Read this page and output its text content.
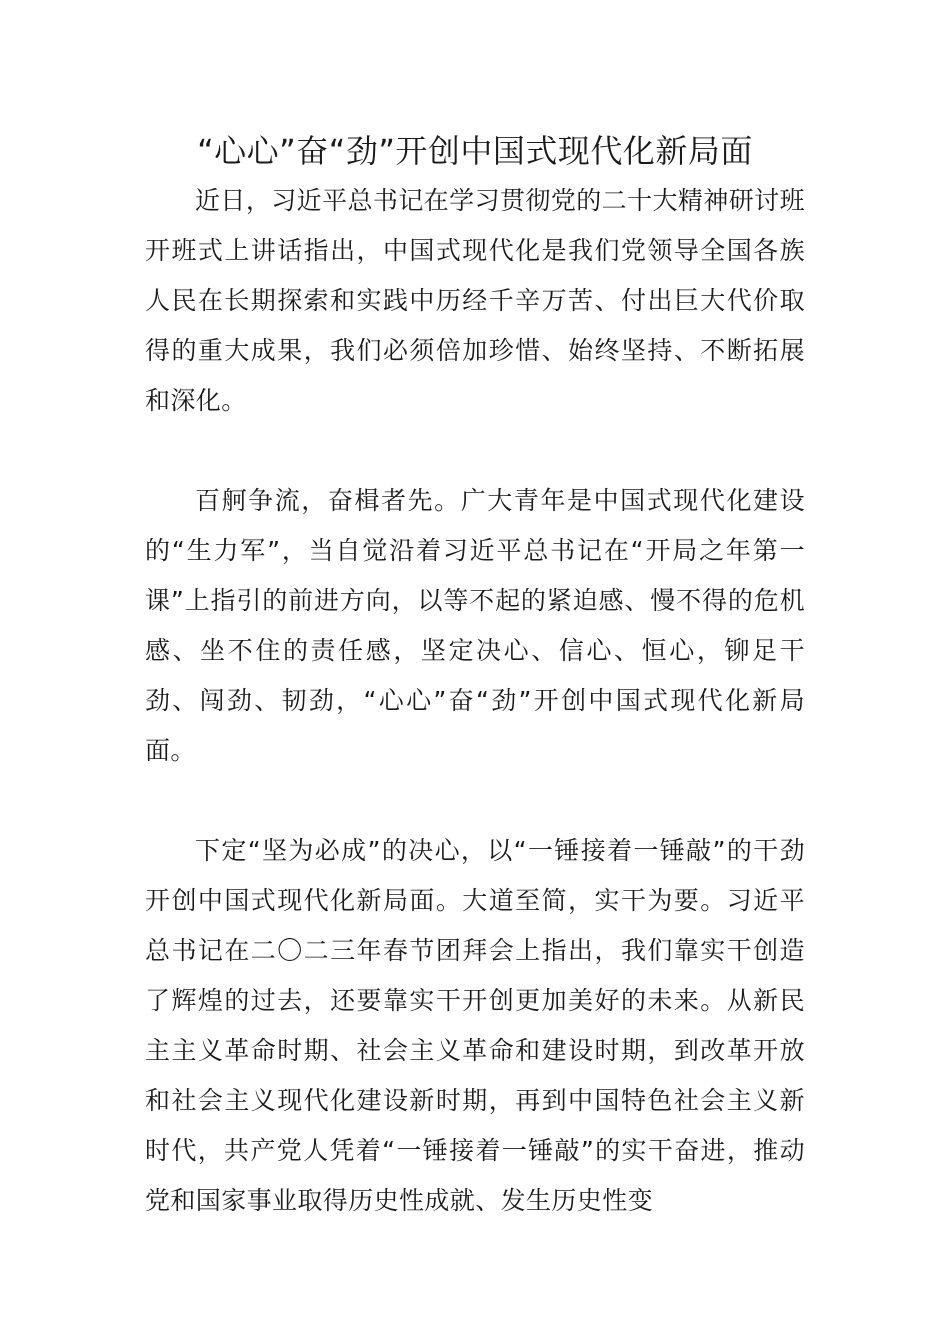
“心心”奋“劲”开创中国式现代化新局面

近日，习近平总书记在学习贯彻党的二十大精神研讨班开班式上讲话指出，中国式现代化是我们党领导全国各族人民在长期探索和实践中历经千辛万苦、付出巨大代价取得的重大成果，我们必须倍加珍惜、始终坚持、不断拓展和深化。

百舸争流，奋楫者先。广大青年是中国式现代化建设的“生力军”，当自觉沿着习近平总书记在“开局之年第一课”上指引的前进方向，以等不起的紧迫感、慢不得的危机感、坐不住的责任感，坚定决心、信心、恒心，铆足干劲、闯劲、韧劲，“心心”奋“劲”开创中国式现代化新局面。

下定“坚为必成”的决心，以“一锤接着一锤敲”的干劲开创中国式现代化新局面。大道至简，实干为要。习近平总书记在二〇二三年春节团拜会上指出，我们靠实干创造了辉煌的过去，还要靠实干开创更加美好的未来。从新民主主义革命时期、社会主义革命和建设时期，到改革开放和社会主义现代化建设新时期，再到中国特色社会主义新时代，共产党人凭着“一锤接着一锤敲”的实干奋进，推动党和国家事业取得历史性成就、发生历史性变
